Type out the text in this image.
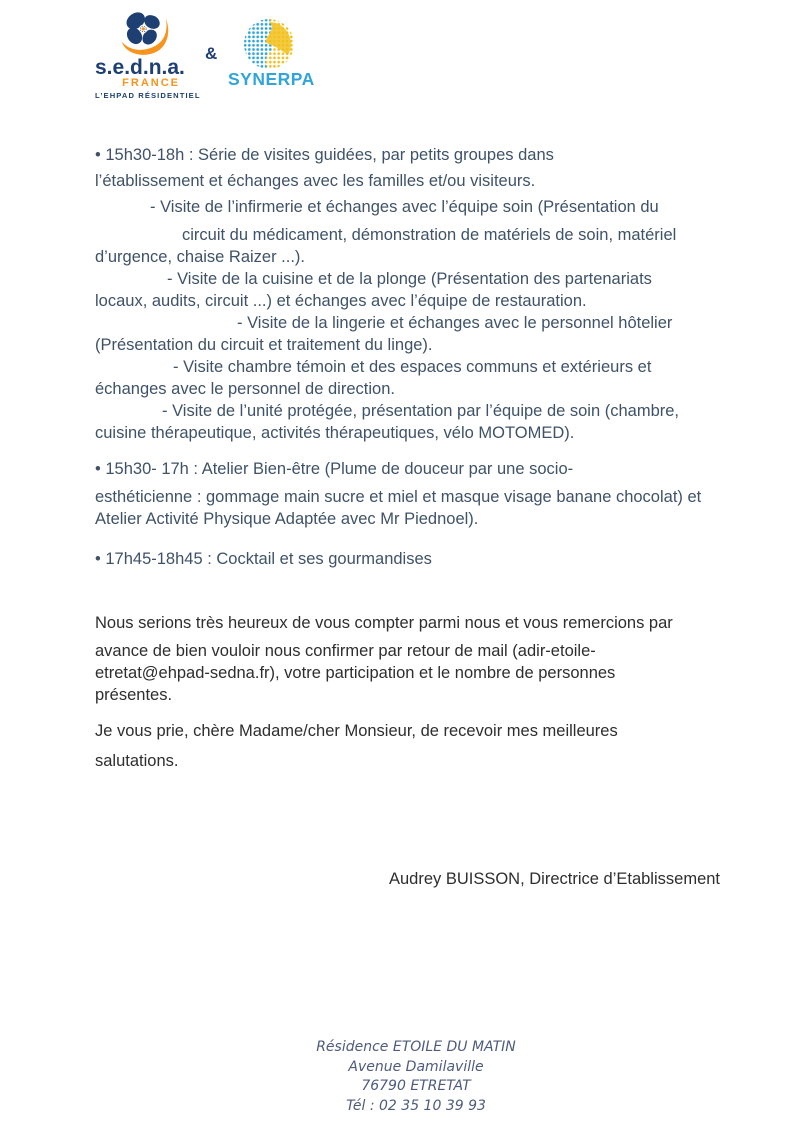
s.e.d.n.a.
FRANCE
L’EHPAD RÉSIDENTIEL
&
SYNERPA
• 15h30-18h : Série de visites guidées, par petits groupes dans
l’établissement et échanges avec les familles et/ou visiteurs.
- Visite de l’infirmerie et échanges avec l’équipe soin (Présentation du
circuit du médicament, démonstration de matériels de soin, matériel
d’urgence, chaise Raizer ...).
- Visite de la cuisine et de la plonge (Présentation des partenariats
locaux, audits, circuit ...) et échanges avec l’équipe de restauration.
- Visite de la lingerie et échanges avec le personnel hôtelier
(Présentation du circuit et traitement du linge).
- Visite chambre témoin et des espaces communs et extérieurs et
échanges avec le personnel de direction.
- Visite de l’unité protégée, présentation par l’équipe de soin (chambre,
cuisine thérapeutique, activités thérapeutiques, vélo MOTOMED).
• 15h30- 17h : Atelier Bien-être (Plume de douceur par une socio-
esthéticienne : gommage main sucre et miel et masque visage banane chocolat) et
Atelier Activité Physique Adaptée avec Mr Piednoel).
• 17h45-18h45 : Cocktail et ses gourmandises
Nous serions très heureux de vous compter parmi nous et vous remercions par
avance de bien vouloir nous confirmer par retour de mail (adir-etoile-
etretat@ehpad-sedna.fr), votre participation et le nombre de personnes
présentes.
Je vous prie, chère Madame/cher Monsieur, de recevoir mes meilleures
salutations.
Audrey BUISSON, Directrice d’Etablissement
Résidence ETOILE DU MATIN
Avenue Damilaville
76790 ETRETAT
Tél : 02 35 10 39 93
